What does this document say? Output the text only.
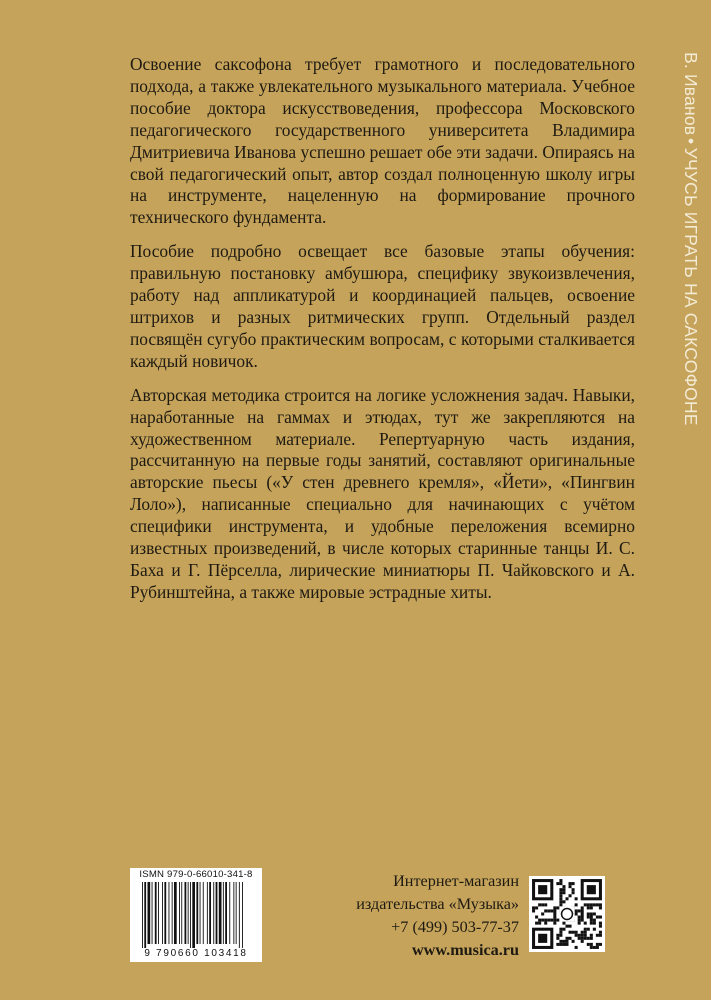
Освоение саксофона требует грамотного и последовательного подхода, а также увлекательного музыкального материала. Учебное пособие доктора искусствоведения, профессора Московского педагогического государственного университета Владимира Дмитриевича Иванова успешно решает обе эти задачи. Опираясь на свой педагогический опыт, автор создал полноценную школу игры на инструменте, нацеленную на формирование прочного технического фундамента.

Пособие подробно освещает все базовые этапы обучения: правильную постановку амбушюра, специфику звукоизвлечения, работу над аппликатурой и координацией пальцев, освоение штрихов и разных ритмических групп. Отдельный раздел посвящён сугубо практическим вопросам, с которыми сталкивается каждый новичок.

Авторская методика строится на логике усложнения задач. Навыки, наработанные на гаммах и этюдах, тут же закрепляются на художественном материале. Репертуарную часть издания, рассчитанную на первые годы занятий, составляют оригинальные авторские пьесы («У стен древнего кремля», «Йети», «Пингвин Лоло»), написанные специально для начинающих с учётом специфики инструмента, и удобные переложения всемирно известных произведений, в числе которых старинные танцы И. С. Баха и Г. Пёрселла, лирические миниатюры П. Чайковского и А. Рубинштейна, а также мировые эстрадные хиты.

В. Иванов•УЧУСЬ ИГРАТЬ НА САКСОФОНЕ
ISMN 979-0-66010-341-8
9 790660 103418
Интернет-магазин
издательства «Музыка»
+7 (499) 503-77-37
www.musica.ru
